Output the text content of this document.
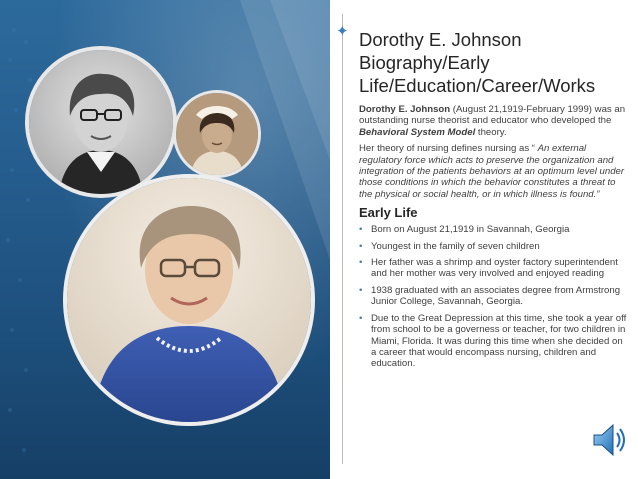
✦ Dorothy E. Johnson Biography/Early Life/Education/Career/Works

Dorothy E. Johnson (August 21,1919-February 1999) was an outstanding nurse theorist and educator who developed the Behavioral System Model theory.

Her theory of nursing defines nursing as “ An external regulatory force which acts to preserve the organization and integration of the patients behaviors at an optimum level under those conditions in which the behavior constitutes a threat to the physical or social health, or in which illness is found.”

Early Life
• Born on August 21,1919 in Savannah, Georgia
• Youngest in the family of seven children
• Her father was a shrimp and oyster factory superintendent and her mother was very involved and enjoyed reading
• 1938 graduated with an associates degree from Armstrong Junior College, Savannah, Georgia.
• Due to the Great Depression at this time, she took a year off from school to be a governess or teacher, for two children in Miami, Florida. It was during this time when she decided on a career that would encompass nursing, children and education.
